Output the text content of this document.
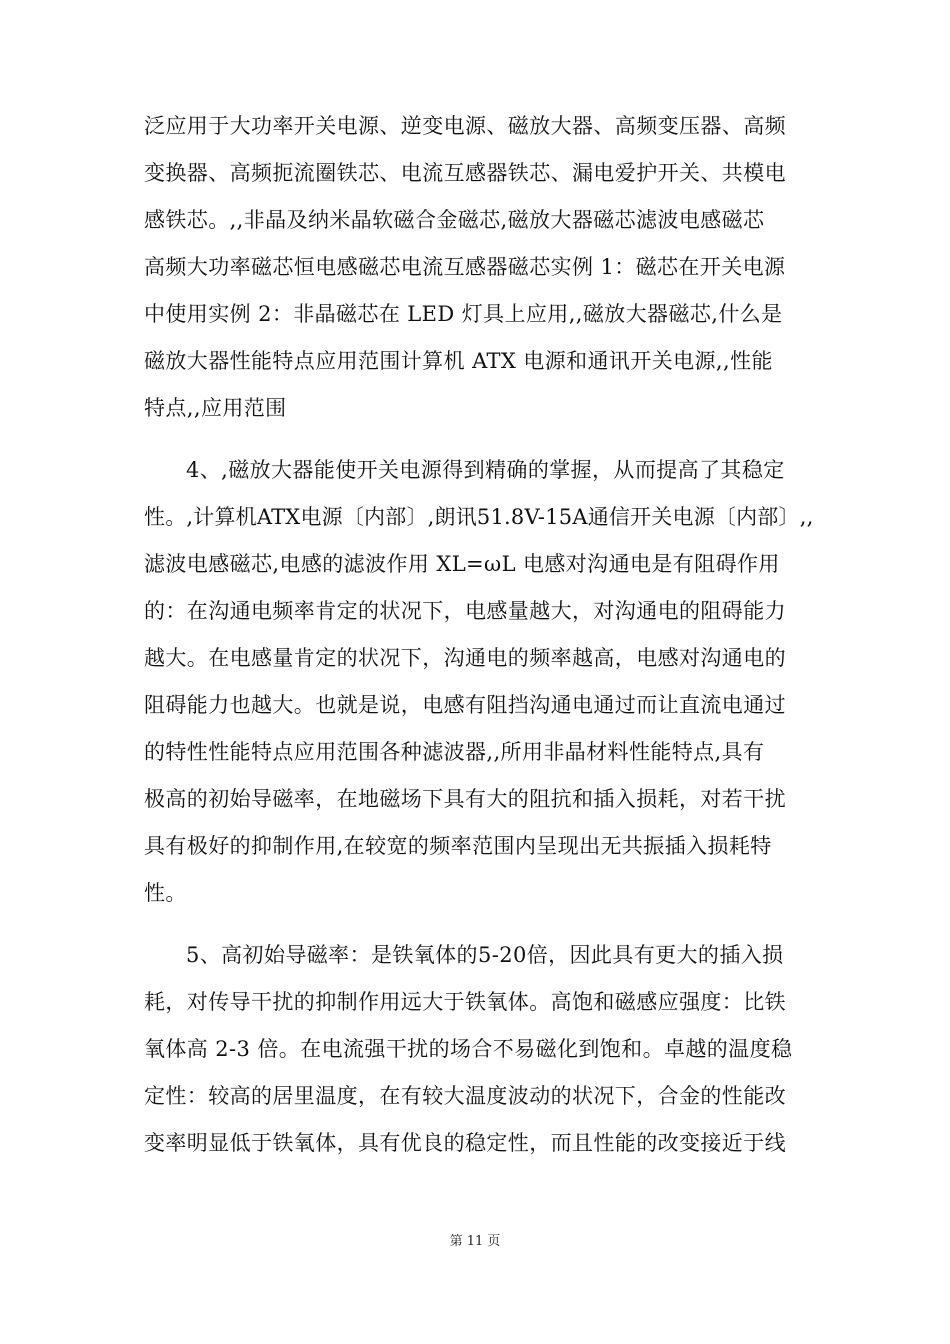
泛应用于大功率开关电源、逆变电源、磁放大器、高频变压器、高频
变换器、高频扼流圈铁芯、电流互感器铁芯、漏电爱护开关、共模电
感铁芯。,,非晶及纳米晶软磁合金磁芯,磁放大器磁芯滤波电感磁芯
高频大功率磁芯恒电感磁芯电流互感器磁芯实例 1：磁芯在开关电源
中使用实例 2：非晶磁芯在 LED 灯具上应用,,磁放大器磁芯,什么是
磁放大器性能特点应用范围计算机 ATX 电源和通讯开关电源,,性能
特点,,应用范围
4、,磁放大器能使开关电源得到精确的掌握，从而提高了其稳定
性。,计算机ATX电源〔内部〕,朗讯51.8V-15A通信开关电源〔内部〕,,
滤波电感磁芯,电感的滤波作用 XL=ωL 电感对沟通电是有阻碍作用
的：在沟通电频率肯定的状况下，电感量越大，对沟通电的阻碍能力
越大。在电感量肯定的状况下，沟通电的频率越高，电感对沟通电的
阻碍能力也越大。也就是说，电感有阻挡沟通电通过而让直流电通过
的特性性能特点应用范围各种滤波器,,所用非晶材料性能特点,具有
极高的初始导磁率，在地磁场下具有大的阻抗和插入损耗，对若干扰
具有极好的抑制作用,在较宽的频率范围内呈现出无共振插入损耗特
性。
5、高初始导磁率：是铁氧体的5-20倍，因此具有更大的插入损
耗，对传导干扰的抑制作用远大于铁氧体。高饱和磁感应强度：比铁
氧体高 2-3 倍。在电流强干扰的场合不易磁化到饱和。卓越的温度稳
定性：较高的居里温度，在有较大温度波动的状况下，合金的性能改
变率明显低于铁氧体，具有优良的稳定性，而且性能的改变接近于线
第 11 页
